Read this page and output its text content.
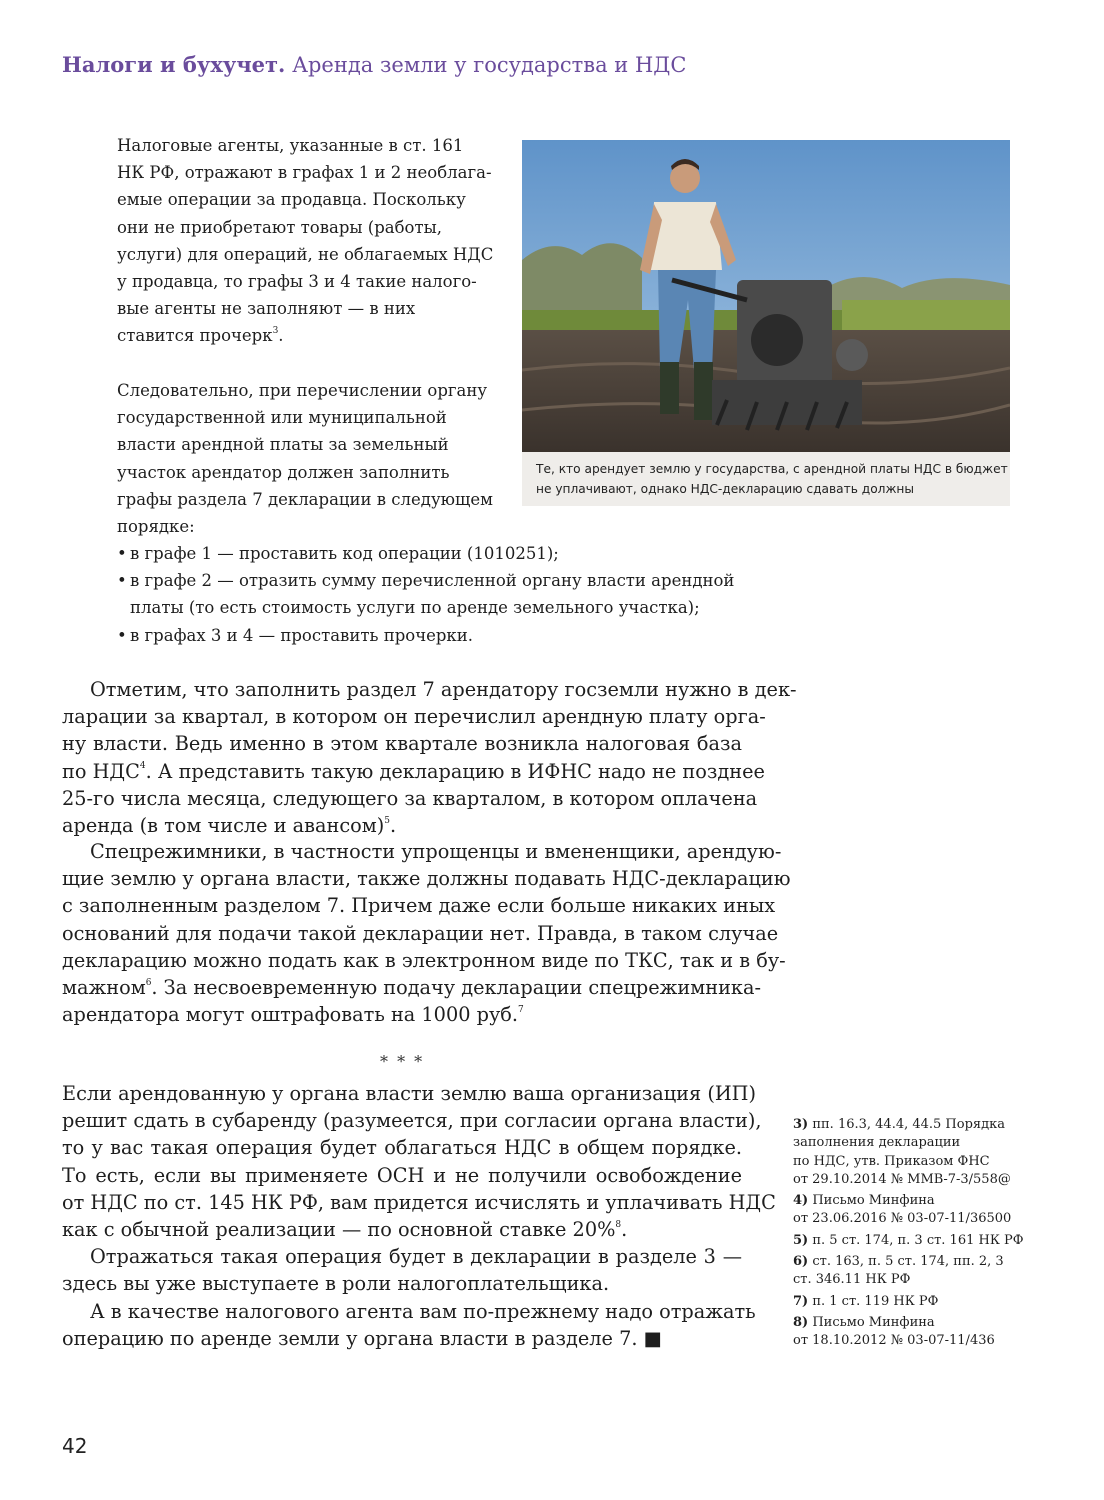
Налоги и бухучет. Аренда земли у государства и НДС
Налоговые агенты, указанные в ст. 161
НК РФ, отражают в графах 1 и 2 необлага-
емые операции за продавца. Поскольку
они не приобретают товары (работы,
услуги) для операций, не облагаемых НДС
у продавца, то графы 3 и 4 такие налого-
вые агенты не заполняют — в них
ставится прочерк$^3$.
Следовательно, при перечислении органу
государственной или муниципальной
власти арендной платы за земельный
участок арендатор должен заполнить
графы раздела 7 декларации в следующем
порядке:
• в графе 1 — проставить код операции (1010251);
• в графе 2 — отразить сумму перечисленной органу власти арендной
платы (то есть стоимость услуги по аренде земельного участка);
• в графах 3 и 4 — проставить прочерки.
Те, кто арендует землю у государства, с арендной платы НДС в бюджет
не уплачивают, однако НДС-декларацию сдавать должны
Отметим, что заполнить раздел 7 арендатору госземли нужно в дек-
ларации за квартал, в котором он перечислил арендную плату орга-
ну власти. Ведь именно в этом квартале возникла налоговая база
по НДС$^4$. А представить такую декларацию в ИФНС надо не позднее
25-го числа месяца, следующего за кварталом, в котором оплачена
аренда (в том числе и авансом)$^5$.
Спецрежимники, в частности упрощенцы и вмененщики, арендую-
щие землю у органа власти, также должны подавать НДС-декларацию
с заполненным разделом 7. Причем даже если больше никаких иных
оснований для подачи такой декларации нет. Правда, в таком случае
декларацию можно подать как в электронном виде по ТКС, так и в бу-
мажном$^6$. За несвоевременную подачу декларации спецрежимника-
арендатора могут оштрафовать на 1000 руб.$^7$
* * *
Если арендованную у органа власти землю ваша организация (ИП)
решит сдать в субаренду (разумеется, при согласии органа власти),
то у вас такая операция будет облагаться НДС в общем порядке.
То есть, если вы применяете ОСН и не получили освобождение
от НДС по ст. 145 НК РФ, вам придется исчислять и уплачивать НДС
как с обычной реализации — по основной ставке 20%$^8$.
Отражаться такая операция будет в декларации в разделе 3 —
здесь вы уже выступаете в роли налогоплательщика.
А в качестве налогового агента вам по-прежнему надо отражать
операцию по аренде земли у органа власти в разделе 7. ■
3) пп. 16.3, 44.4, 44.5 Порядка
заполнения декларации
по НДС, утв. Приказом ФНС
от 29.10.2014 № ММВ-7-3/558@
4) Письмо Минфина
от 23.06.2016 № 03-07-11/36500
5) п. 5 ст. 174, п. 3 ст. 161 НК РФ
6) ст. 163, п. 5 ст. 174, пп. 2, 3
ст. 346.11 НК РФ
7) п. 1 ст. 119 НК РФ
8) Письмо Минфина
от 18.10.2012 № 03-07-11/436
42
